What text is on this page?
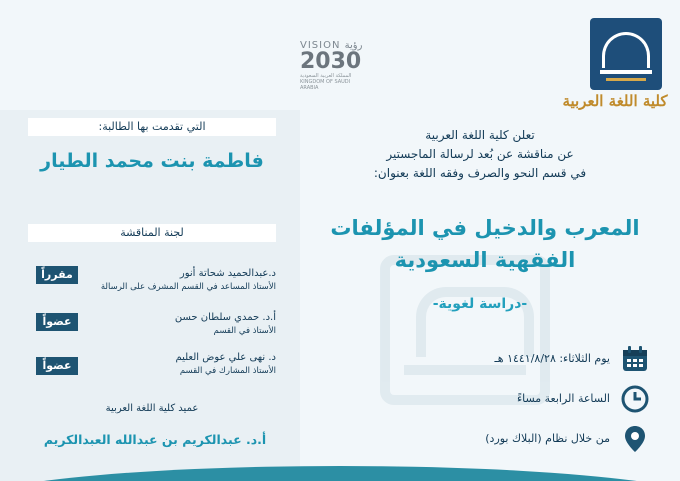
كلية اللغة العربية
VISION رؤية
2030
المملكة العربية السعودية KINGDOM OF SAUDI ARABIA
تعلن كلية اللغة العربية
عن مناقشة عن بُعد لرسالة الماجستير
في قسم النحو والصرف وفقه اللغة بعنوان:
المعرب والدخيل في المؤلفات
الفقهية السعودية
-دراسة لغوية-
يوم الثلاثاء: ١٤٤١/٨/٢٨ هـ
الساعة الرابعة مساءً
من خلال نظام (البلاك بورد)
التي تقدمت بها الطالبة:
فاطمة بنت محمد الطيار
لجنة المناقشة
د.عبدالحميد شحاتة أنور
الأستاذ المساعد في القسم المشرف على الرسالة
مقرراً
أ.د. حمدي سلطان حسن
الأستاذ في القسم
عضواً
د. نهى علي عوض العليم
الأستاذ المشارك في القسم
عضواً
عميد كلية اللغة العربية
أ.د. عبدالكريم بن عبدالله العبدالكريم
